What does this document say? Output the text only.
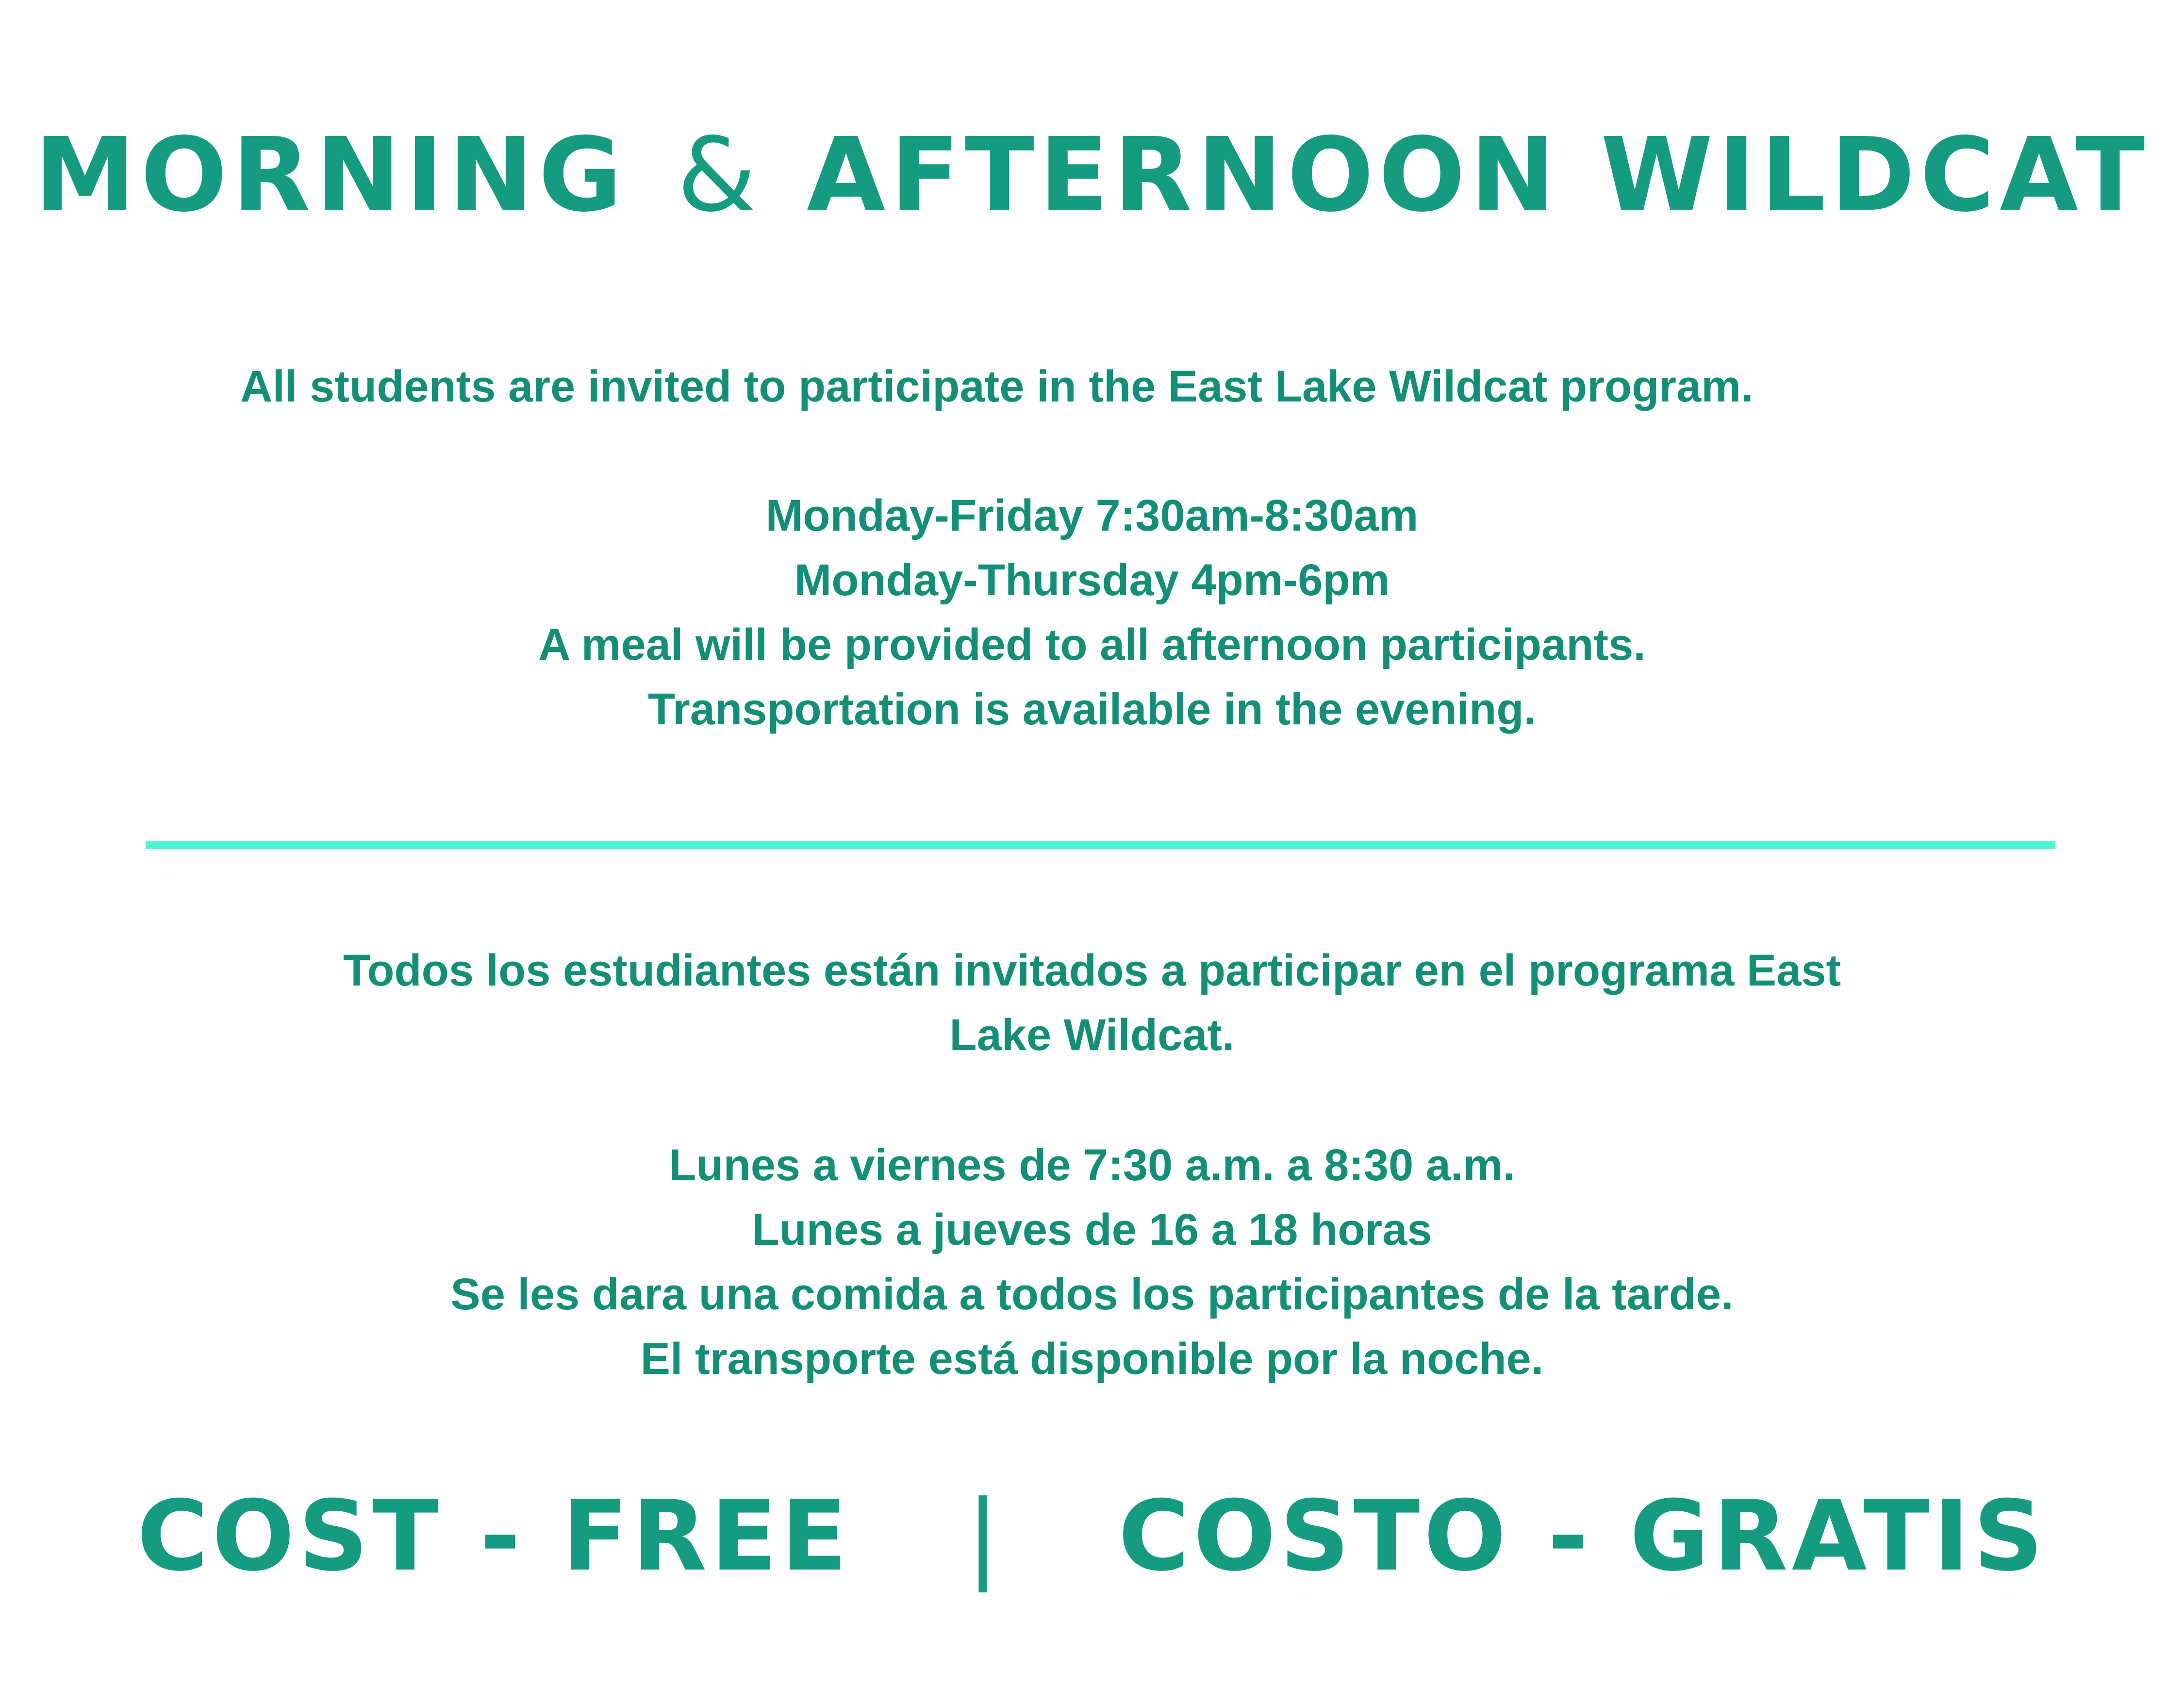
MORNING & AFTERNOON WILDCAT
All students are invited to participate in the East Lake Wildcat program.
Monday-Friday 7:30am-8:30am
Monday-Thursday 4pm-6pm
A meal will be provided to all afternoon participants.
Transportation is available in the evening.
Todos los estudiantes están invitados a participar en el programa East
Lake Wildcat.
Lunes a viernes de 7:30 a.m. a 8:30 a.m.
Lunes a jueves de 16 a 18 horas
Se les dara una comida a todos los participantes de la tarde.
El transporte está disponible por la noche.
COST - FREE | COSTO - GRATIS
